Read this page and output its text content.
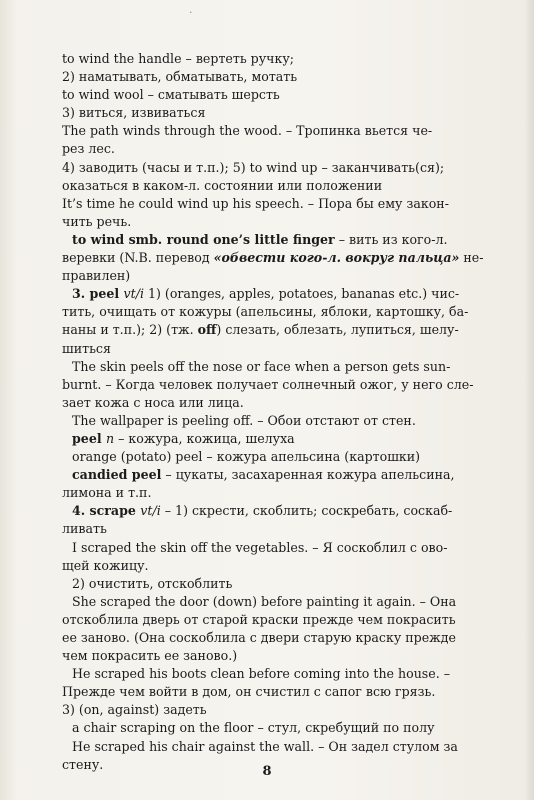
·
to wind the handle – вертеть ручку;
2) наматывать, обматывать, мотать
to wind wool – сматывать шерсть
3) виться, извиваться
The path winds through the wood. – Тропинка вьется че-
рез лес.
4) заводить (часы и т.п.); 5) to wind up – заканчивать(ся);
оказаться в каком-л. состоянии или положении
It’s time he could wind up his speech. – Пора бы ему закон-
чить речь.
to wind smb. round one’s little finger – вить из кого-л.
веревки (N.B. перевод «обвести кого-л. вокруг пальца» не-
правилен)
3. peel vt/i 1) (oranges, apples, potatoes, bananas etc.) чис-
тить, очищать от кожуры (апельсины, яблоки, картошку, ба-
наны и т.п.); 2) (тж. off) слезать, облезать, лупиться, шелу-
шиться
The skin peels off the nose or face when a person gets sun-
burnt. – Когда человек получает солнечный ожог, у него слe-
зает кожа с носа или лица.
The wallpaper is peeling off. – Обои отстают от стен.
peel n – кожура, кожица, шелуха
orange (potato) peel – кожура апельсина (картошки)
candied peel – цукаты, засахаренная кожура апельсина,
лимона и т.п.
4. scrape vt/i – 1) скрести, скоблить; соскребать, соскаб-
ливать
I scraped the skin off the vegetables. – Я соскоблил с ово-
щей кожицу.
2) очистить, отскоблить
She scraped the door (down) before painting it again. – Она
отскоблила дверь от старой краски прежде чем покрасить
ее заново. (Она соскоблила с двери старую краску прежде
чем покрасить ее заново.)
He scraped his boots clean before coming into the house. –
Прежде чем войти в дом, он счистил с сапог всю грязь.
3) (on, against) задеть
a chair scraping on the floor – стул, скребущий по полу
He scraped his chair against the wall. – Он задел стулом за
стену.	8
